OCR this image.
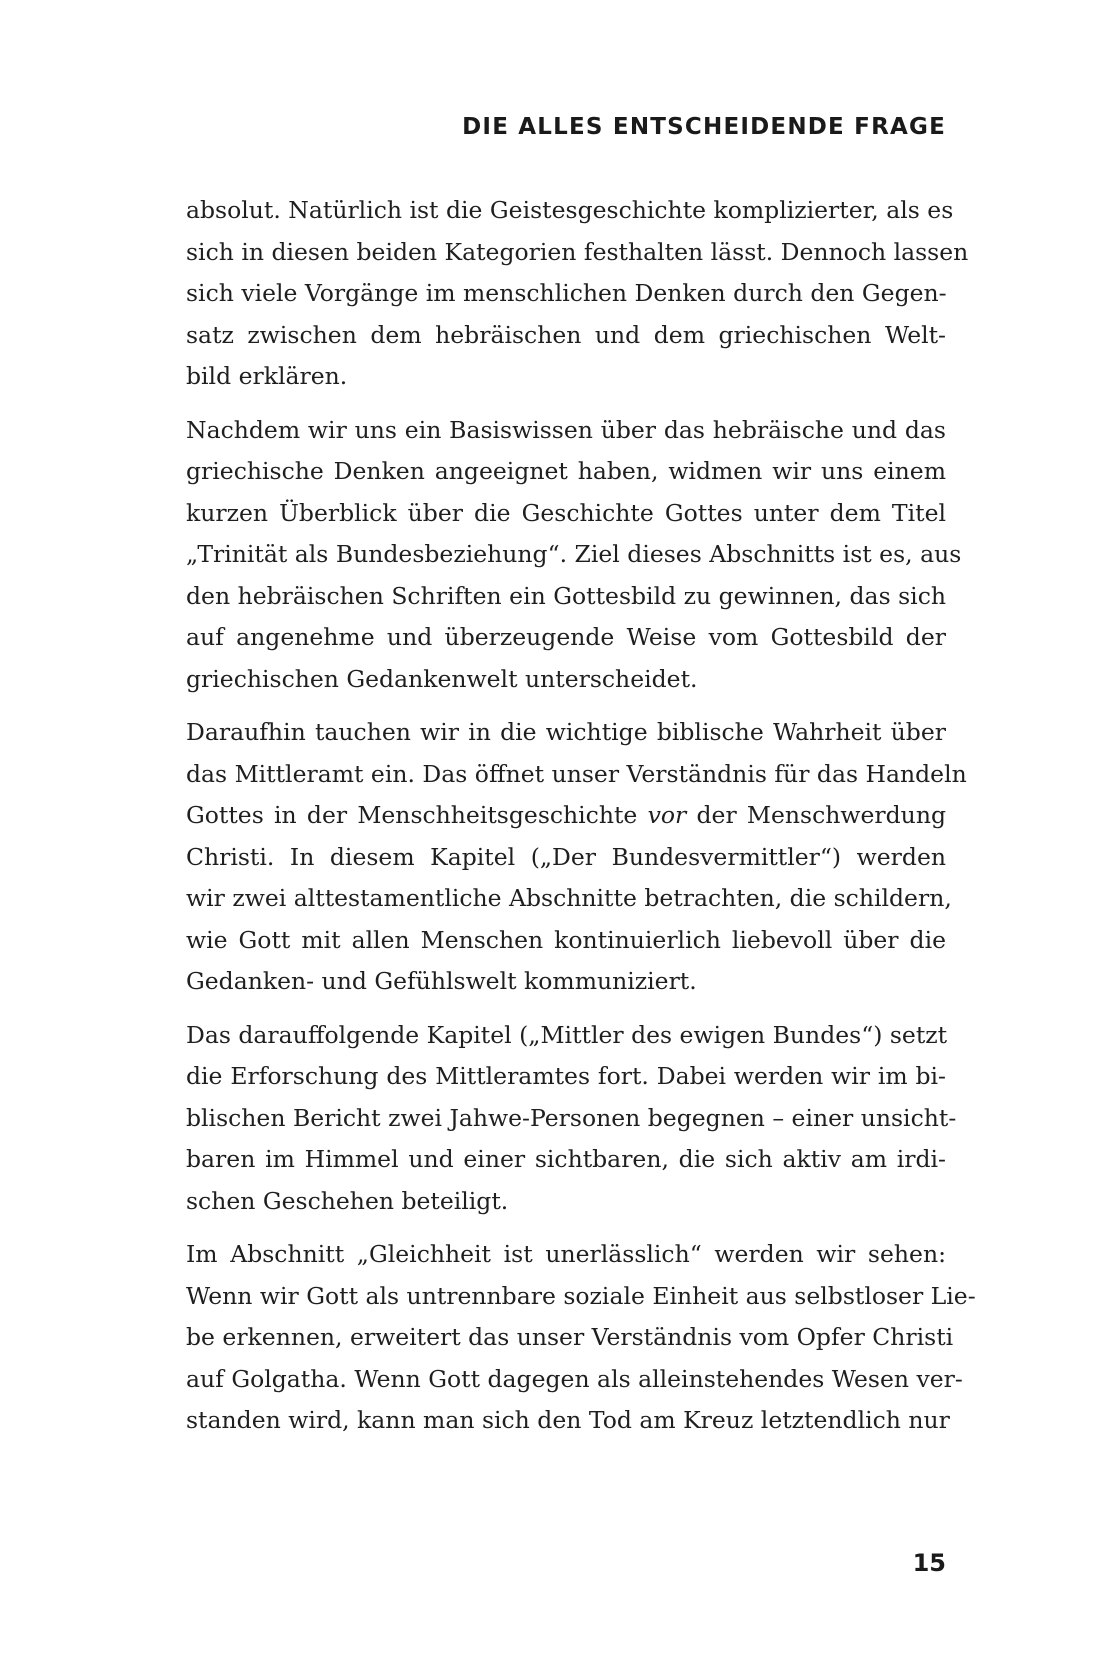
DIE ALLES ENTSCHEIDENDE FRAGE
absolut. Natürlich ist die Geistesgeschichte komplizierter, als es
sich in diesen beiden Kategorien festhalten lässt. Dennoch lassen
sich viele Vorgänge im menschlichen Denken durch den Gegen-
satz zwischen dem hebräischen und dem griechischen Welt-
bild erklären.
Nachdem wir uns ein Basiswissen über das hebräische und das
griechische Denken angeeignet haben, widmen wir uns einem
kurzen Überblick über die Geschichte Gottes unter dem Titel
„Trinität als Bundesbeziehung“. Ziel dieses Abschnitts ist es, aus
den hebräischen Schriften ein Gottesbild zu gewinnen, das sich
auf angenehme und überzeugende Weise vom Gottesbild der
griechischen Gedankenwelt unterscheidet.
Daraufhin tauchen wir in die wichtige biblische Wahrheit über
das Mittleramt ein. Das öffnet unser Verständnis für das Handeln
Gottes in der Menschheitsgeschichte vor der Menschwerdung
Christi. In diesem Kapitel („Der Bundesvermittler“) werden
wir zwei alttestamentliche Abschnitte betrachten, die schildern,
wie Gott mit allen Menschen kontinuierlich liebevoll über die
Gedanken- und Gefühlswelt kommuniziert.
Das darauffolgende Kapitel („Mittler des ewigen Bundes“) setzt
die Erforschung des Mittleramtes fort. Dabei werden wir im bi-
blischen Bericht zwei Jahwe-Personen begegnen – einer unsicht-
baren im Himmel und einer sichtbaren, die sich aktiv am irdi-
schen Geschehen beteiligt.
Im Abschnitt „Gleichheit ist unerlässlich“ werden wir sehen:
Wenn wir Gott als untrennbare soziale Einheit aus selbstloser Lie-
be erkennen, erweitert das unser Verständnis vom Opfer Christi
auf Golgatha. Wenn Gott dagegen als alleinstehendes Wesen ver-
standen wird, kann man sich den Tod am Kreuz letztendlich nur
15
